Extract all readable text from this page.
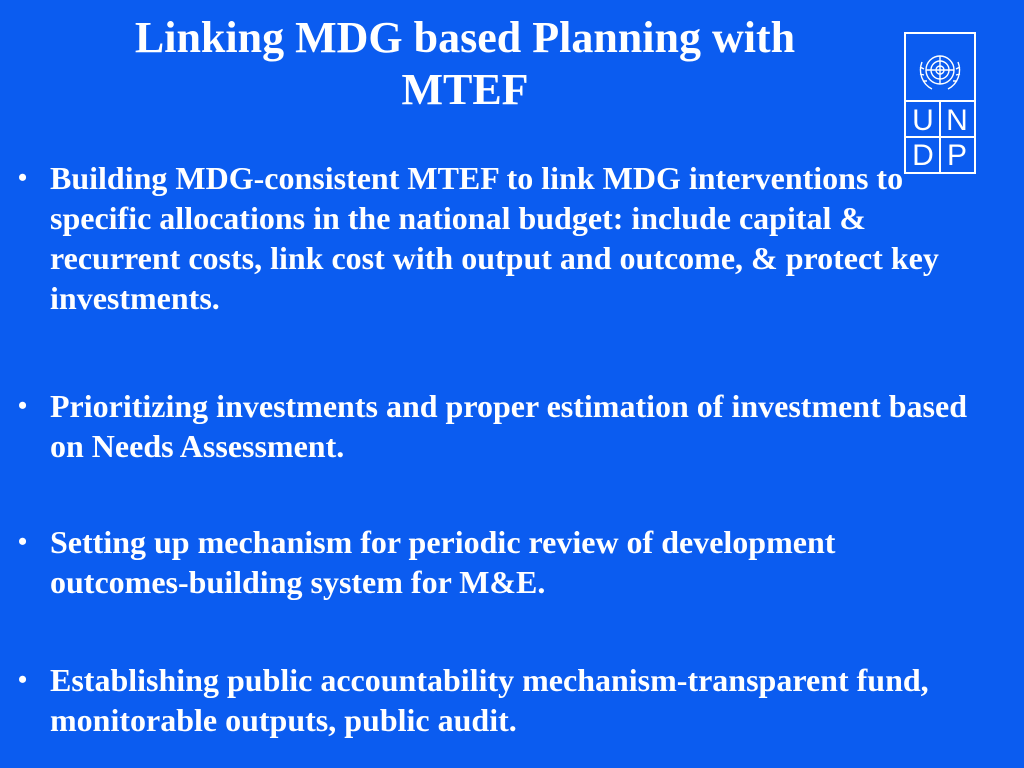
Linking MDG based Planning with
MTEF
U N
D P
• Building MDG-consistent MTEF to link MDG interventions to specific allocations in the national budget: include capital & recurrent costs, link cost with output and outcome, & protect key investments.
• Prioritizing investments and proper estimation of investment based on Needs Assessment.
• Setting up mechanism for periodic review of development outcomes-building system for M&E.
• Establishing public accountability mechanism-transparent fund, monitorable outputs, public audit.
